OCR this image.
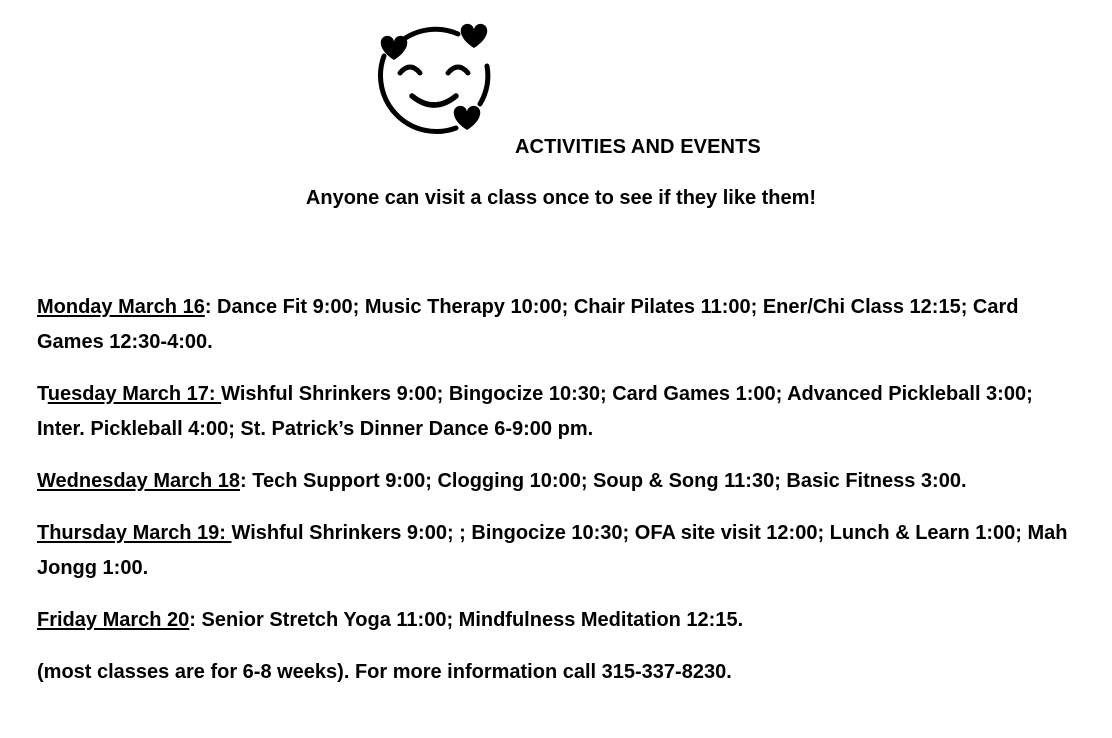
ACTIVITIES AND EVENTS
Anyone can visit a class once to see if they like them!

Monday March 16: Dance Fit 9:00; Music Therapy 10:00; Chair Pilates 11:00; Ener/Chi Class 12:15; Card Games 12:30-4:00.

Tuesday March 17: Wishful Shrinkers 9:00; Bingocize 10:30; Card Games 1:00; Advanced Pickleball 3:00; Inter. Pickleball 4:00; St. Patrick’s Dinner Dance 6-9:00 pm.

Wednesday March 18: Tech Support 9:00; Clogging 10:00; Soup & Song 11:30; Basic Fitness 3:00.

Thursday March 19: Wishful Shrinkers 9:00; ; Bingocize 10:30; OFA site visit 12:00; Lunch & Learn 1:00; Mah Jongg 1:00.

Friday March 20: Senior Stretch Yoga 11:00; Mindfulness Meditation 12:15.

(most classes are for 6-8 weeks). For more information call 315-337-8230.
